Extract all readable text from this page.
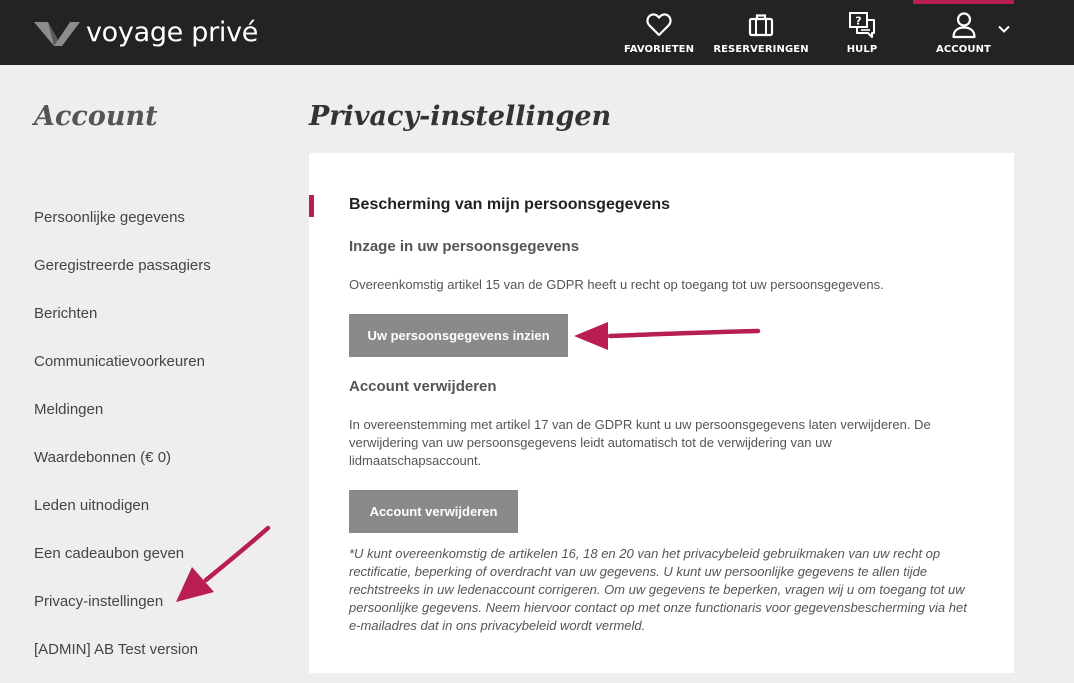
voyage privé
FAVORIETEN RESERVERINGEN
?
HULP	ACCOUNT
Account
Persoonlijke gegevens
Geregistreerde passagiers
Berichten
Communicatievoorkeuren
Meldingen
Waardebonnen (€ 0)
Leden uitnodigen
Een cadeaubon geven
Privacy-instellingen
[ADMIN] AB Test version
Privacy-instellingen
Bescherming van mijn persoonsgegevens
Inzage in uw persoonsgegevens

Overeenkomstig artikel 15 van de GDPR heeft u recht op toegang tot uw persoonsgegevens.

Uw persoonsgegevens inzien
Account verwijderen

In overeenstemming met artikel 17 van de GDPR kunt u uw persoonsgegevens laten verwijderen. De verwijdering van uw persoonsgegevens leidt automatisch tot de verwijdering van uw lidmaatschapsaccount.

Account verwijderen

*U kunt overeenkomstig de artikelen 16, 18 en 20 van het privacybeleid gebruikmaken van uw recht op rectificatie, beperking of overdracht van uw gegevens. U kunt uw persoonlijke gegevens te allen tijde rechtstreeks in uw ledenaccount corrigeren. Om uw gegevens te beperken, vragen wij u om toegang tot uw persoonlijke gegevens. Neem hiervoor contact op met onze functionaris voor gegevensbescherming via het e-mailadres dat in ons privacybeleid wordt vermeld.
